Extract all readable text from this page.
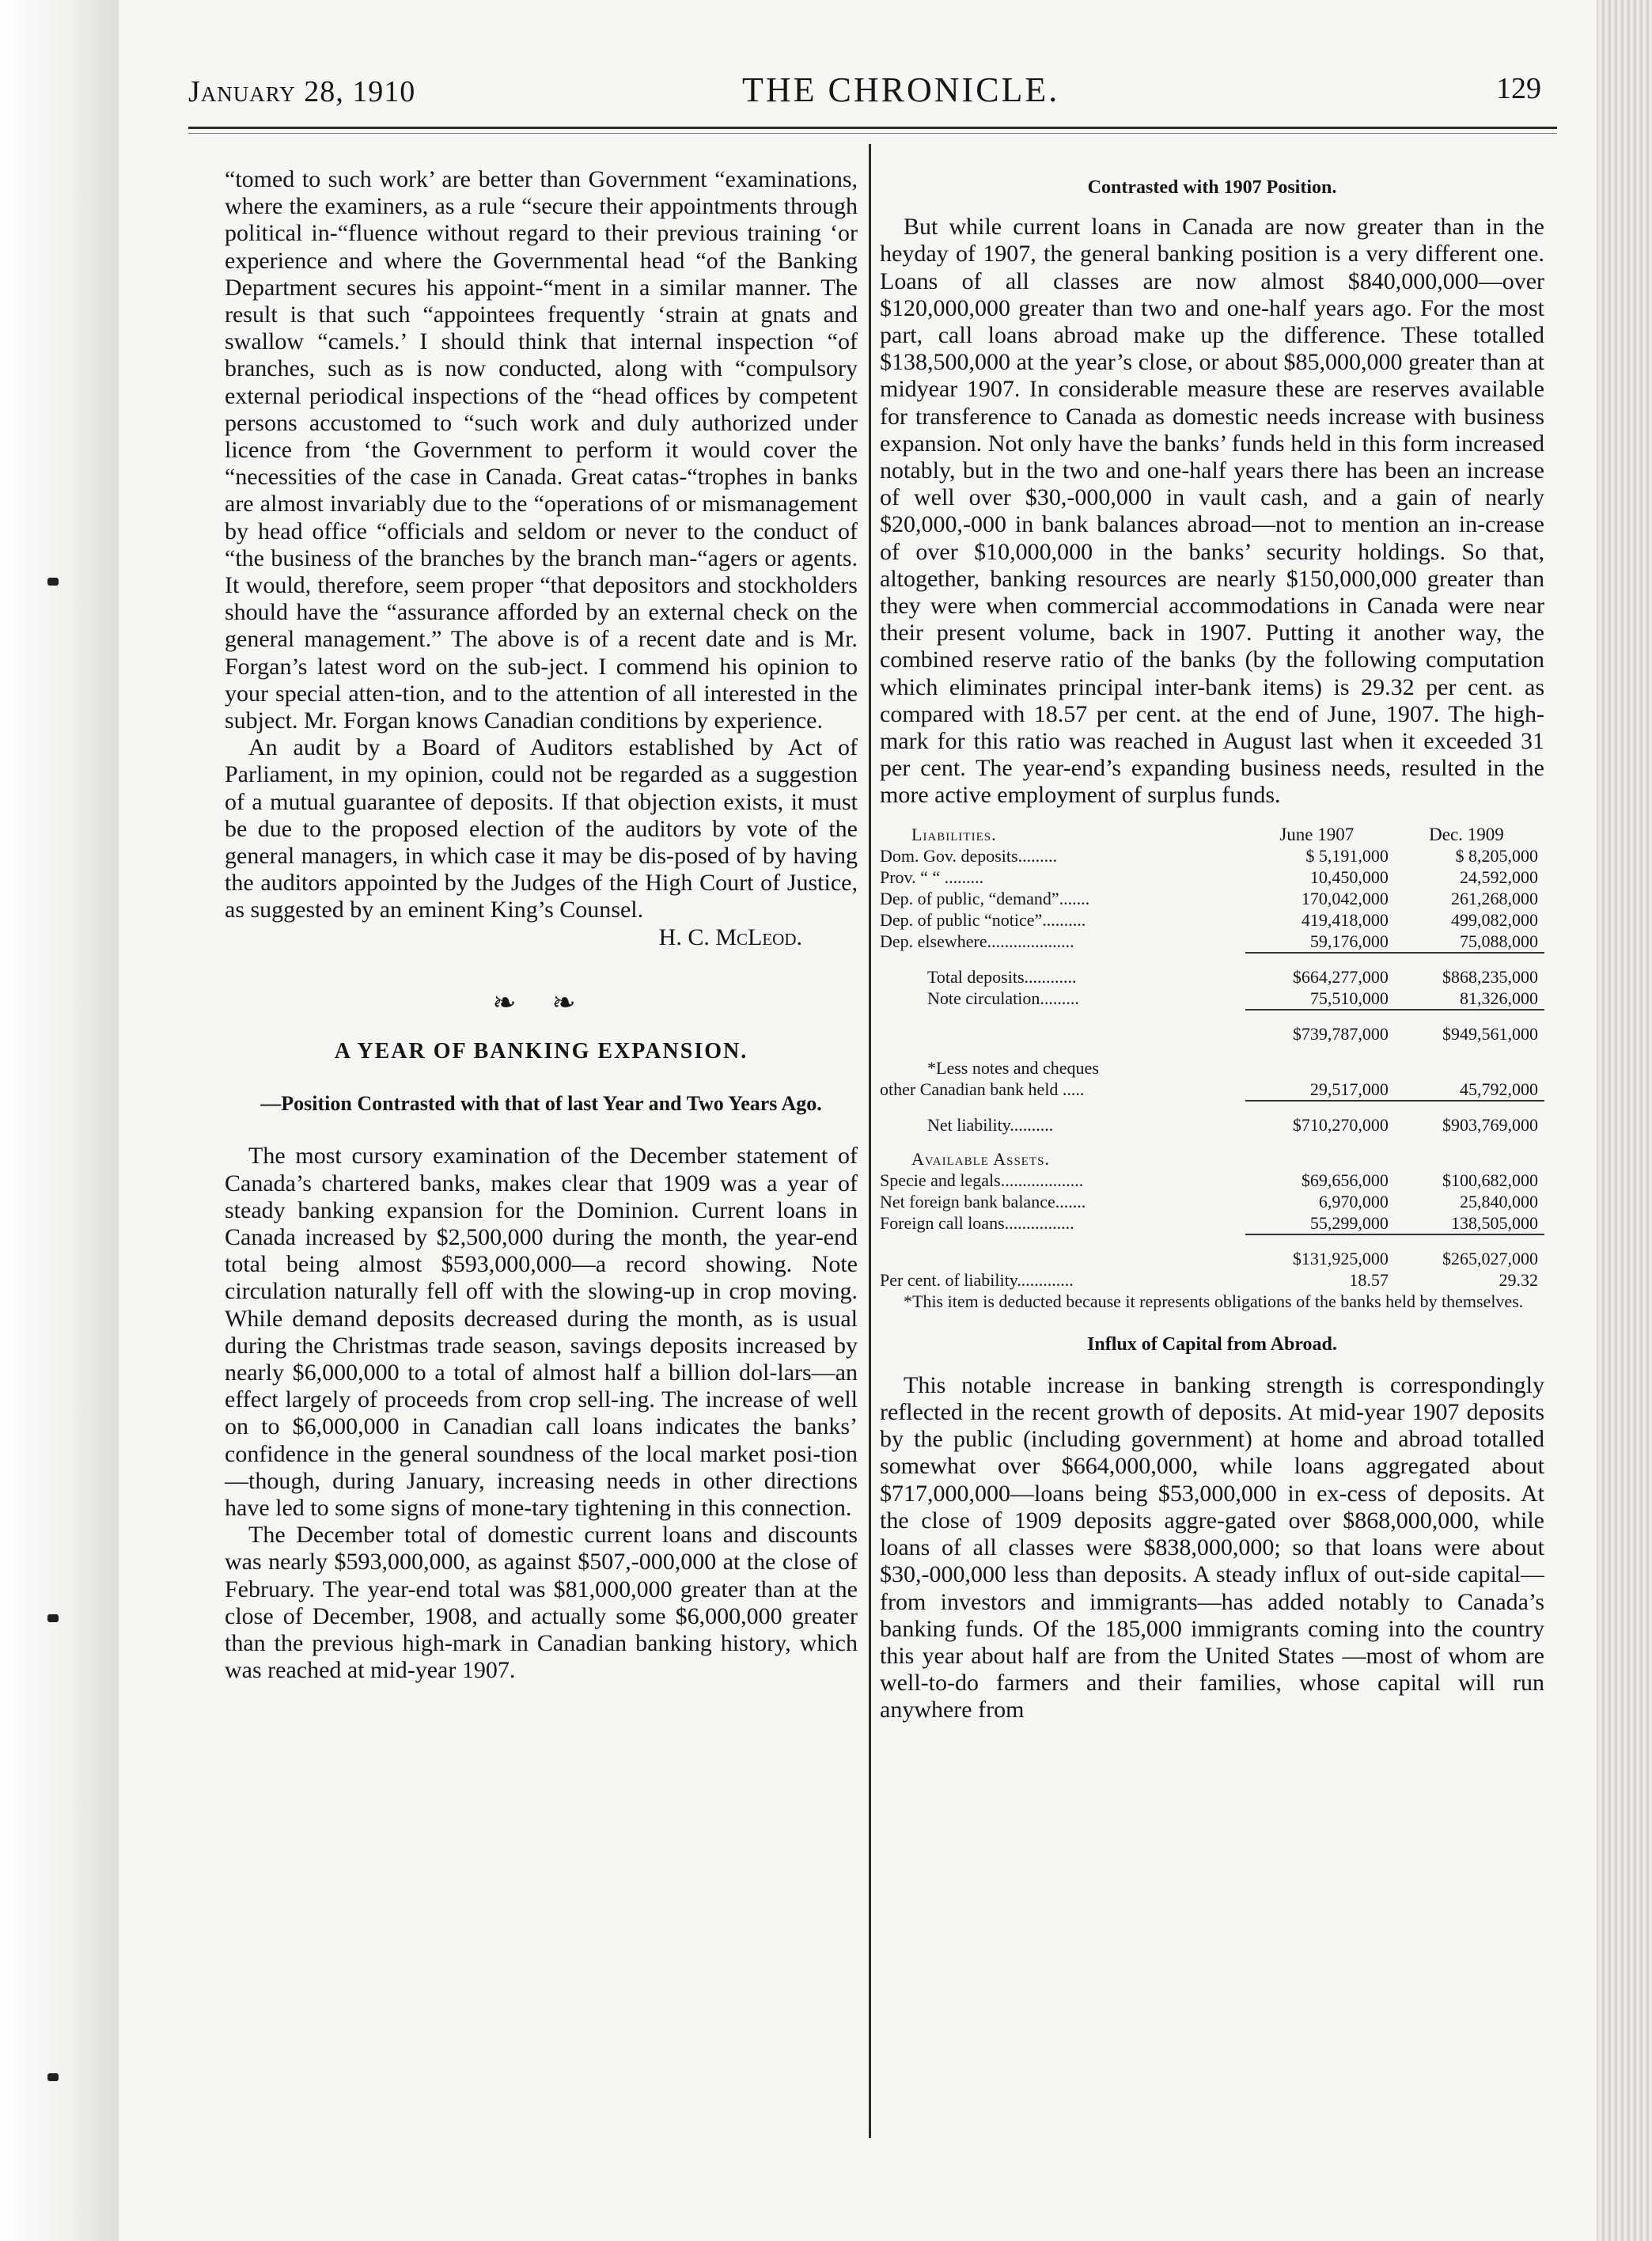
January 28, 1910	THE CHRONICLE.	129

“tomed to such work’ are better than Government “examinations, where the examiners, as a rule “secure their appointments through political in-“fluence without regard to their previous training ‘or experience and where the Governmental head “of the Banking Department secures his appoint-“ment in a similar manner. The result is that such “appointees frequently ‘strain at gnats and swallow “camels.’ I should think that internal inspection “of branches, such as is now conducted, along with “compulsory external periodical inspections of the “head offices by competent persons accustomed to “such work and duly authorized under licence from ‘the Government to perform it would cover the “necessities of the case in Canada. Great catas-“trophes in banks are almost invariably due to the “operations of or mismanagement by head office “officials and seldom or never to the conduct of “the business of the branches by the branch man-“agers or agents. It would, therefore, seem proper “that depositors and stockholders should have the “assurance afforded by an external check on the general management.” The above is of a recent date and is Mr. Forgan’s latest word on the sub-ject. I commend his opinion to your special atten-tion, and to the attention of all interested in the subject. Mr. Forgan knows Canadian conditions by experience.

An audit by a Board of Auditors established by Act of Parliament, in my opinion, could not be regarded as a suggestion of a mutual guarantee of deposits. If that objection exists, it must be due to the proposed election of the auditors by vote of the general managers, in which case it may be dis-posed of by having the auditors appointed by the Judges of the High Court of Justice, as suggested by an eminent King’s Counsel.

H. C. McLeod.

❧ ❧
A YEAR OF BANKING EXPANSION.
—Position Contrasted with that of last Year and Two Years Ago.

The most cursory examination of the December statement of Canada’s chartered banks, makes clear that 1909 was a year of steady banking expansion for the Dominion. Current loans in Canada increased by $2,500,000 during the month, the year-end total being almost $593,000,000—a record showing. Note circulation naturally fell off with the slowing-up in crop moving. While demand deposits decreased during the month, as is usual during the Christmas trade season, savings deposits increased by nearly $6,000,000 to a total of almost half a billion dol-lars—an effect largely of proceeds from crop sell-ing. The increase of well on to $6,000,000 in Canadian call loans indicates the banks’ confidence in the general soundness of the local market posi-tion—though, during January, increasing needs in other directions have led to some signs of mone-tary tightening in this connection.

The December total of domestic current loans and discounts was nearly $593,000,000, as against $507,-000,000 at the close of February. The year-end total was $81,000,000 greater than at the close of December, 1908, and actually some $6,000,000 greater than the previous high-mark in Canadian banking history, which was reached at mid-year 1907.

Contrasted with 1907 Position.

But while current loans in Canada are now greater than in the heyday of 1907, the general banking position is a very different one. Loans of all classes are now almost $840,000,000—over $120,000,000 greater than two and one-half years ago. For the most part, call loans abroad make up the difference. These totalled $138,500,000 at the year’s close, or about $85,000,000 greater than at midyear 1907. In considerable measure these are reserves available for transference to Canada as domestic needs increase with business expansion. Not only have the banks’ funds held in this form increased notably, but in the two and one-half years there has been an increase of well over $30,-000,000 in vault cash, and a gain of nearly $20,000,-000 in bank balances abroad—not to mention an in-crease of over $10,000,000 in the banks’ security holdings. So that, altogether, banking resources are nearly $150,000,000 greater than they were when commercial accommodations in Canada were near their present volume, back in 1907. Putting it another way, the combined reserve ratio of the banks (by the following computation which eliminates principal inter-bank items) is 29.32 per cent. as compared with 18.57 per cent. at the end of June, 1907. The high-mark for this ratio was reached in August last when it exceeded 31 per cent. The year-end’s expanding business needs, resulted in the more active employment of surplus funds.

Liabilities.	June 1907	Dec. 1909
Dom. Gov. deposits.........	$ 5,191,000	$ 8,205,000
Prov. “ “ .........	10,450,000	24,592,000
Dep. of public, “demand”.......	170,042,000	261,268,000
Dep. of public “notice”..........	419,418,000	499,082,000
Dep. elsewhere....................	59,176,000	75,088,000

Total deposits............	$664,277,000	$868,235,000
Note circulation.........	75,510,000	81,326,000

	$739,787,000	$949,561,000

*Less notes and cheques		
other Canadian bank held .....	29,517,000	45,792,000

Net liability..........	$710,270,000	$903,769,000

Available Assets.		
Specie and legals...................	$69,656,000	$100,682,000
Net foreign bank balance.......	6,970,000	25,840,000
Foreign call loans................	55,299,000	138,505,000

	$131,925,000	$265,027,000
Per cent. of liability.............	18.57	29.32

*This item is deducted because it represents obligations of the banks held by themselves.

Influx of Capital from Abroad.

This notable increase in banking strength is correspondingly reflected in the recent growth of deposits. At mid-year 1907 deposits by the public (including government) at home and abroad totalled somewhat over $664,000,000, while loans aggregated about $717,000,000—loans being $53,000,000 in ex-cess of deposits. At the close of 1909 deposits aggre-gated over $868,000,000, while loans of all classes were $838,000,000; so that loans were about $30,-000,000 less than deposits. A steady influx of out-side capital—from investors and immigrants—has added notably to Canada’s banking funds. Of the 185,000 immigrants coming into the country this year about half are from the United States —most of whom are well-to-do farmers and their families, whose capital will run anywhere from
